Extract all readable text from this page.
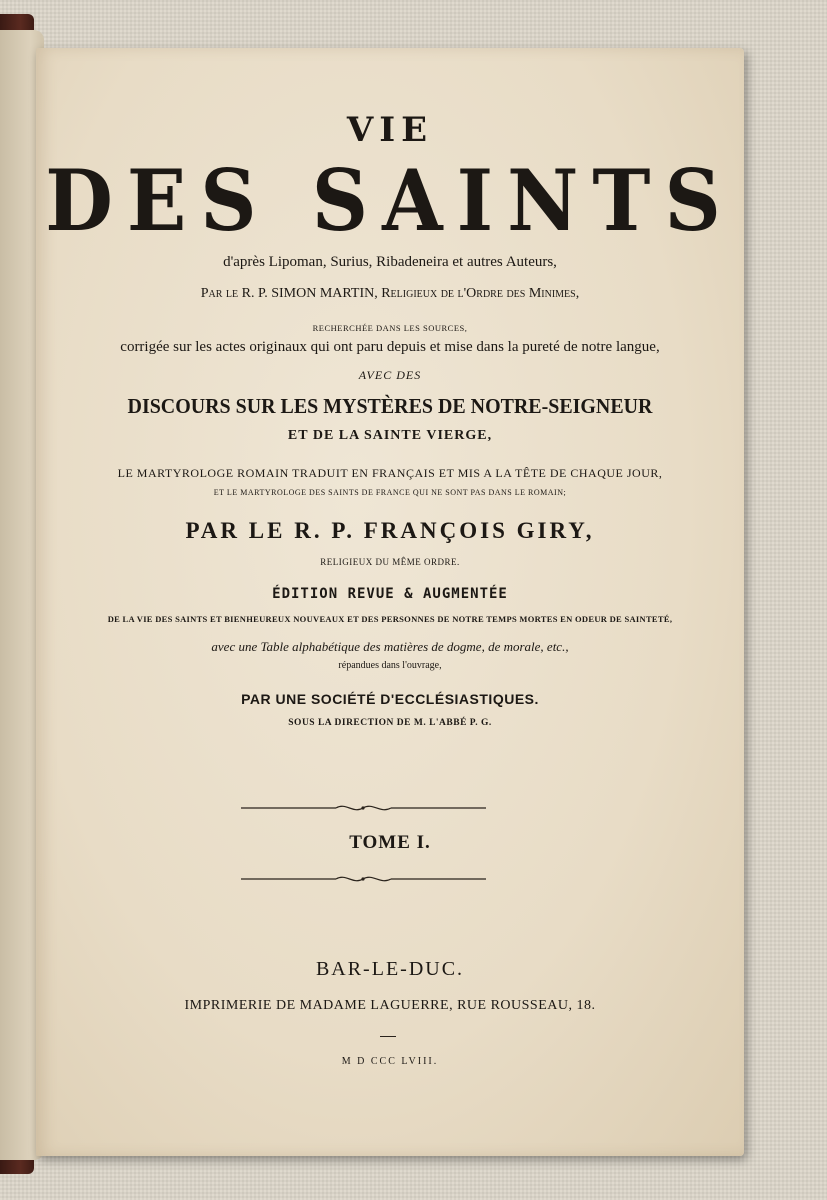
VIE
DES SAINTS
d'après Lipoman, Surius, Ribadeneira et autres Auteurs,
Par le R. P. SIMON MARTIN, Religieux de l'Ordre des Minimes,
RECHERCHÉE DANS LES SOURCES,
corrigée sur les actes originaux qui ont paru depuis et mise dans la pureté de notre langue,
AVEC DES
DISCOURS SUR LES MYSTÈRES DE NOTRE-SEIGNEUR
ET DE LA SAINTE VIERGE,
LE MARTYROLOGE ROMAIN TRADUIT EN FRANÇAIS ET MIS A LA TÊTE DE CHAQUE JOUR,
ET LE MARTYROLOGE DES SAINTS DE FRANCE QUI NE SONT PAS DANS LE ROMAIN;
PAR LE R. P. FRANÇOIS GIRY,
RELIGIEUX DU MÊME ORDRE.
ÉDITION REVUE & AUGMENTÉE
DE LA VIE DES SAINTS ET BIENHEUREUX NOUVEAUX ET DES PERSONNES DE NOTRE TEMPS MORTES EN ODEUR DE SAINTETÉ,
avec une Table alphabétique des matières de dogme, de morale, etc.,
répandues dans l'ouvrage,
PAR UNE SOCIÉTÉ D'ECCLÉSIASTIQUES.
SOUS LA DIRECTION DE M. L'ABBÉ P. G.
TOME I.
BAR-LE-DUC.
IMPRIMERIE DE MADAME LAGUERRE, RUE ROUSSEAU, 18.
M D CCC LVIII.
